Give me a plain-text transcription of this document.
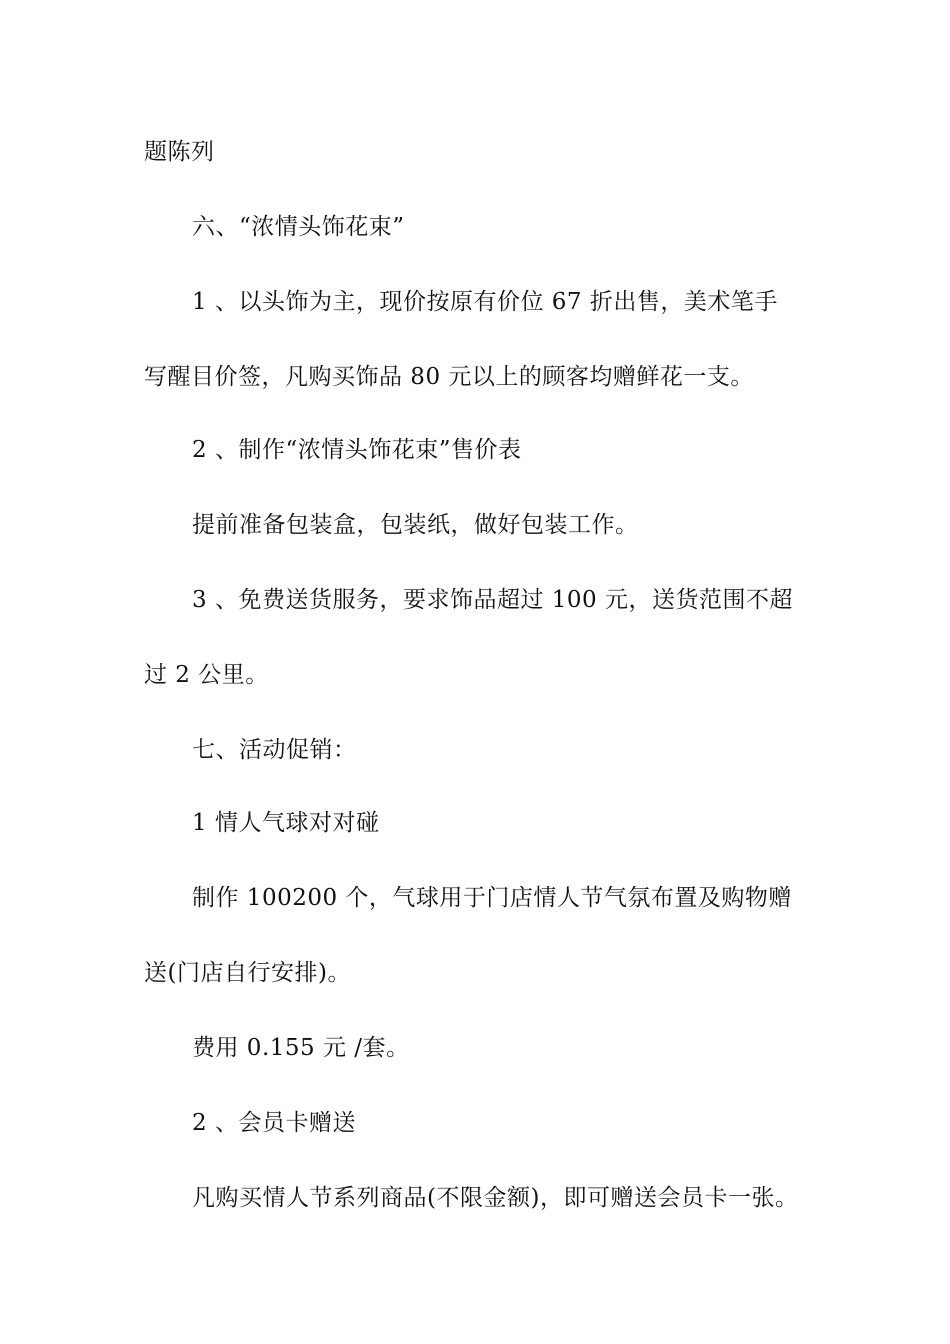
题陈列
六、“浓情头饰花束”
1 、以头饰为主，现价按原有价位 67 折出售，美术笔手
写醒目价签，凡购买饰品 80 元以上的顾客均赠鲜花一支。
2 、制作“浓情头饰花束”售价表
提前准备包装盒，包装纸，做好包装工作。
3 、免费送货服务，要求饰品超过 100 元，送货范围不超
过 2 公里。
七、活动促销：
1 情人气球对对碰
制作 100200 个，气球用于门店情人节气氛布置及购物赠
送(门店自行安排)。
费用 0.155 元 /套。
2 、会员卡赠送
凡购买情人节系列商品(不限金额)，即可赠送会员卡一张。
